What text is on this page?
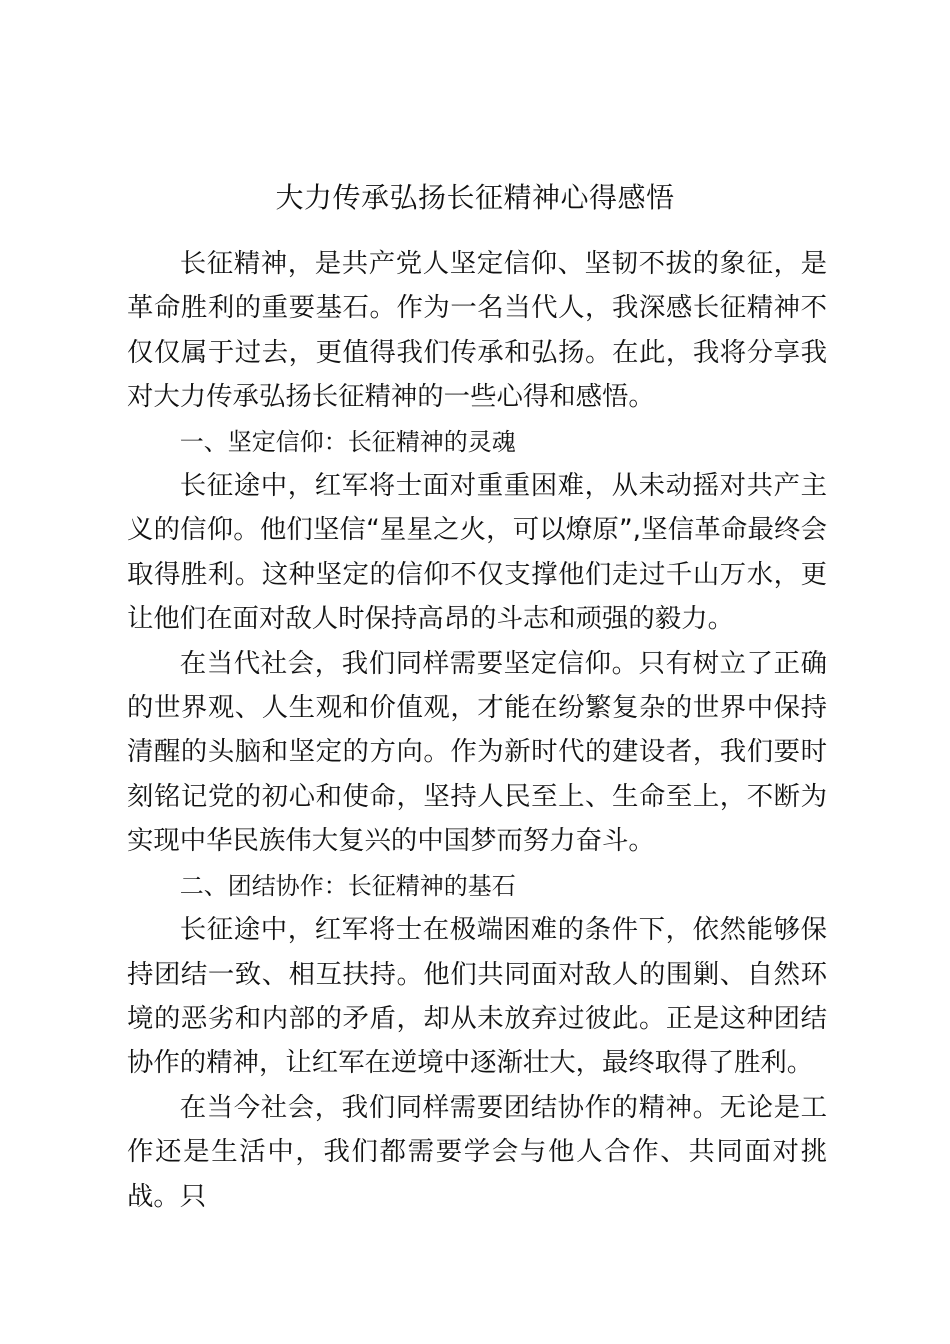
大力传承弘扬长征精神心得感悟

长征精神，是共产党人坚定信仰、坚韧不拔的象征，是革命胜利的重要基石。作为一名当代人，我深感长征精神不仅仅属于过去，更值得我们传承和弘扬。在此，我将分享我对大力传承弘扬长征精神的一些心得和感悟。

一、坚定信仰：长征精神的灵魂

长征途中，红军将士面对重重困难，从未动摇对共产主义的信仰。他们坚信“星星之火，可以燎原”,坚信革命最终会取得胜利。这种坚定的信仰不仅支撑他们走过千山万水，更让他们在面对敌人时保持高昂的斗志和顽强的毅力。

在当代社会，我们同样需要坚定信仰。只有树立了正确的世界观、人生观和价值观，才能在纷繁复杂的世界中保持清醒的头脑和坚定的方向。作为新时代的建设者，我们要时刻铭记党的初心和使命，坚持人民至上、生命至上，不断为实现中华民族伟大复兴的中国梦而努力奋斗。

二、团结协作：长征精神的基石

长征途中，红军将士在极端困难的条件下，依然能够保持团结一致、相互扶持。他们共同面对敌人的围剿、自然环境的恶劣和内部的矛盾，却从未放弃过彼此。正是这种团结协作的精神，让红军在逆境中逐渐壮大，最终取得了胜利。

在当今社会，我们同样需要团结协作的精神。无论是工作还是生活中，我们都需要学会与他人合作、共同面对挑战。只
